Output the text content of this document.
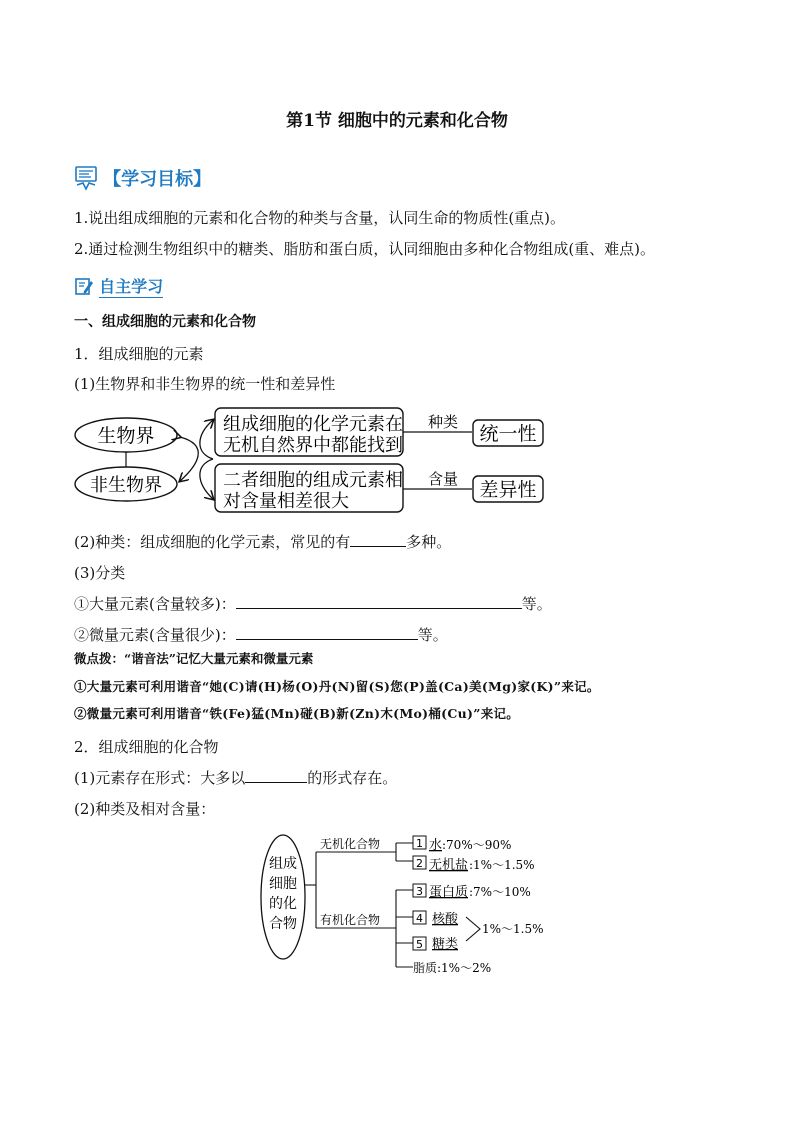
第1节 细胞中的元素和化合物
【学习目标】
1.说出组成细胞的元素和化合物的种类与含量，认同生命的物质性(重点)。
2.通过检测生物组织中的糖类、脂肪和蛋白质，认同细胞由多种化合物组成(重、难点)。
自主学习
一、组成细胞的元素和化合物
1．组成细胞的元素
(1)生物界和非生物界的统一性和差异性
生物界
非生物界
组成细胞的化学元素在
无机自然界中都能找到
二者细胞的组成元素相
对含量相差很大
种类
含量
统一性
差异性
(2)种类：组成细胞的化学元素，常见的有	多种。
(3)分类
①大量元素(含量较多)：	等。
②微量元素(含量很少)：	等。
微点拨：“谐音法”记忆大量元素和微量元素
①大量元素可利用谐音“她(C)请(H)杨(O)丹(N)留(S)您(P)盖(Ca)美(Mg)家(K)”来记。
②微量元素可利用谐音“铁(Fe)猛(Mn)碰(B)新(Zn)木(Mo)桶(Cu)”来记。
2．组成细胞的化合物
(1)元素存在形式：大多以	的形式存在。
(2)种类及相对含量：
组成
细胞
的化
合物
无机化合物
有机化合物
1 水 :70%～90%
2 无机盐 :1%～1.5%
3 蛋白质 :7%～10%
4 核酸
5 糖类
1%～1.5%
脂质:1%～2%
